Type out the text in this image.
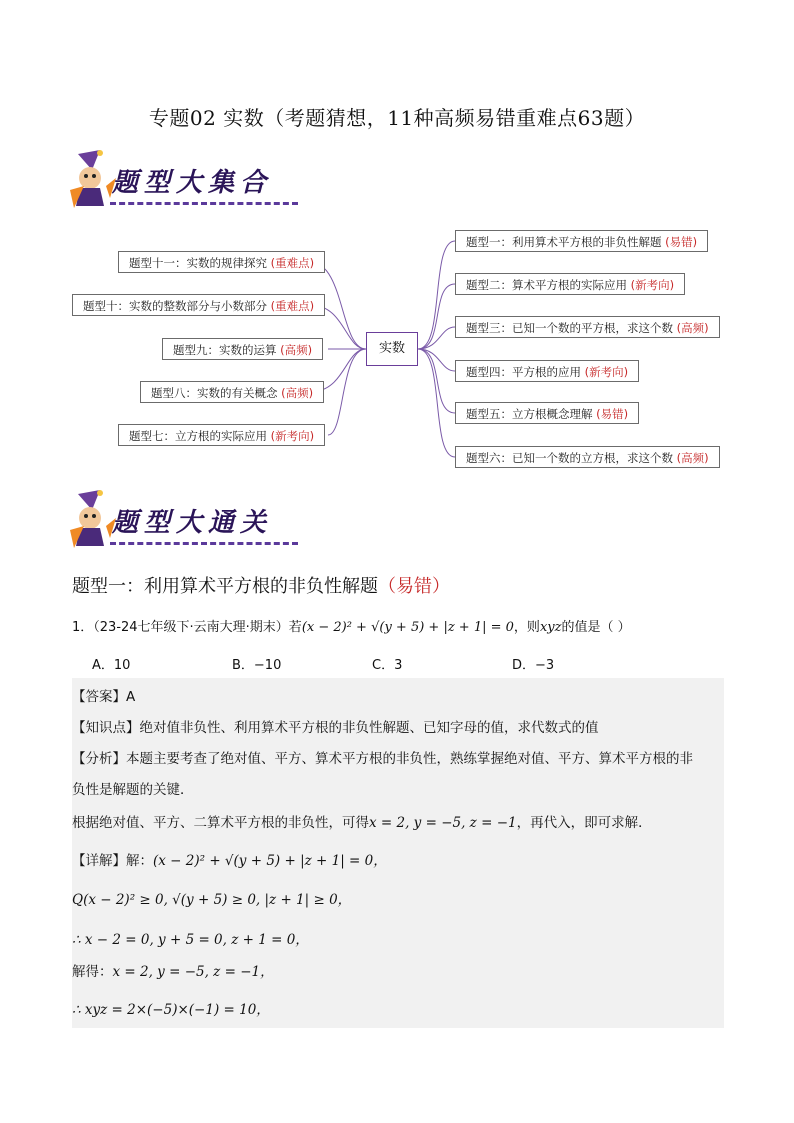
专题02 实数（考题猜想，11种高频易错重难点63题）
题型大集合
实数
题型十一：实数的规律探究 (重难点)
题型十：实数的整数部分与小数部分 (重难点)
题型九：实数的运算 (高频)
题型八：实数的有关概念 (高频)
题型七：立方根的实际应用 (新考向)
题型一：利用算术平方根的非负性解题 (易错)
题型二：算术平方根的实际应用 (新考向)
题型三：已知一个数的平方根，求这个数 (高频)
题型四：平方根的应用 (新考向)
题型五：立方根概念理解 (易错)
题型六：已知一个数的立方根，求这个数 (高频)
题型大通关
题型一：利用算术平方根的非负性解题（易错）
1．（23-24七年级下·云南大理·期末）若(x − 2)² + √(y + 5) + |z + 1| = 0，则xyz的值是（ ）
A．10	B．−10	C．3	D．−3
【答案】A
【知识点】绝对值非负性、利用算术平方根的非负性解题、已知字母的值，求代数式的值
【分析】本题主要考查了绝对值、平方、算术平方根的非负性，熟练掌握绝对值、平方、算术平方根的非
负性是解题的关键．
根据绝对值、平方、二算术平方根的非负性，可得x = 2, y = −5, z = −1，再代入，即可求解．
【详解】解：(x − 2)² + √(y + 5) + |z + 1| = 0，
Q(x − 2)² ≥ 0, √(y + 5) ≥ 0, |z + 1| ≥ 0，
∴ x − 2 = 0, y + 5 = 0, z + 1 = 0，
解得：x = 2, y = −5, z = −1，
∴ xyz = 2×(−5)×(−1) = 10，
